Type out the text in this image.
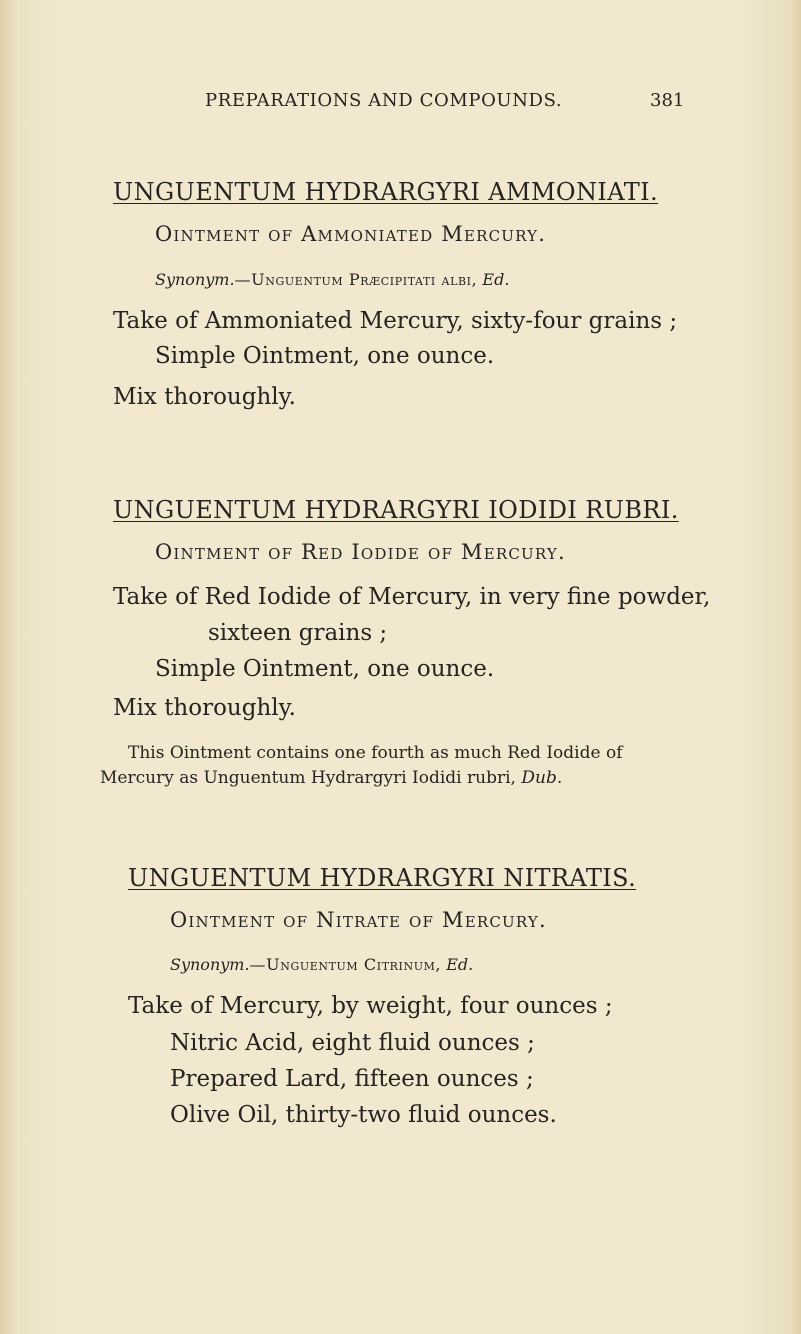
PREPARATIONS AND COMPOUNDS.	381
UNGUENTUM HYDRARGYRI AMMONIATI.
Ointment of Ammoniated Mercury.
Synonym.—Unguentum Præcipitati albi, Ed.
Take of Ammoniated Mercury, sixty-four grains ;
Simple Ointment, one ounce.
Mix thoroughly.
UNGUENTUM HYDRARGYRI IODIDI RUBRI.
Ointment of Red Iodide of Mercury.
Take of Red Iodide of Mercury, in very fine powder,
sixteen grains ;
Simple Ointment, one ounce.
Mix thoroughly.
This Ointment contains one fourth as much Red Iodide of
Mercury as Unguentum Hydrargyri Iodidi rubri, Dub.
UNGUENTUM HYDRARGYRI NITRATIS.
Ointment of Nitrate of Mercury.
Synonym.—Unguentum Citrinum, Ed.
Take of Mercury, by weight, four ounces ;
Nitric Acid, eight fluid ounces ;
Prepared Lard, fifteen ounces ;
Olive Oil, thirty-two fluid ounces.
